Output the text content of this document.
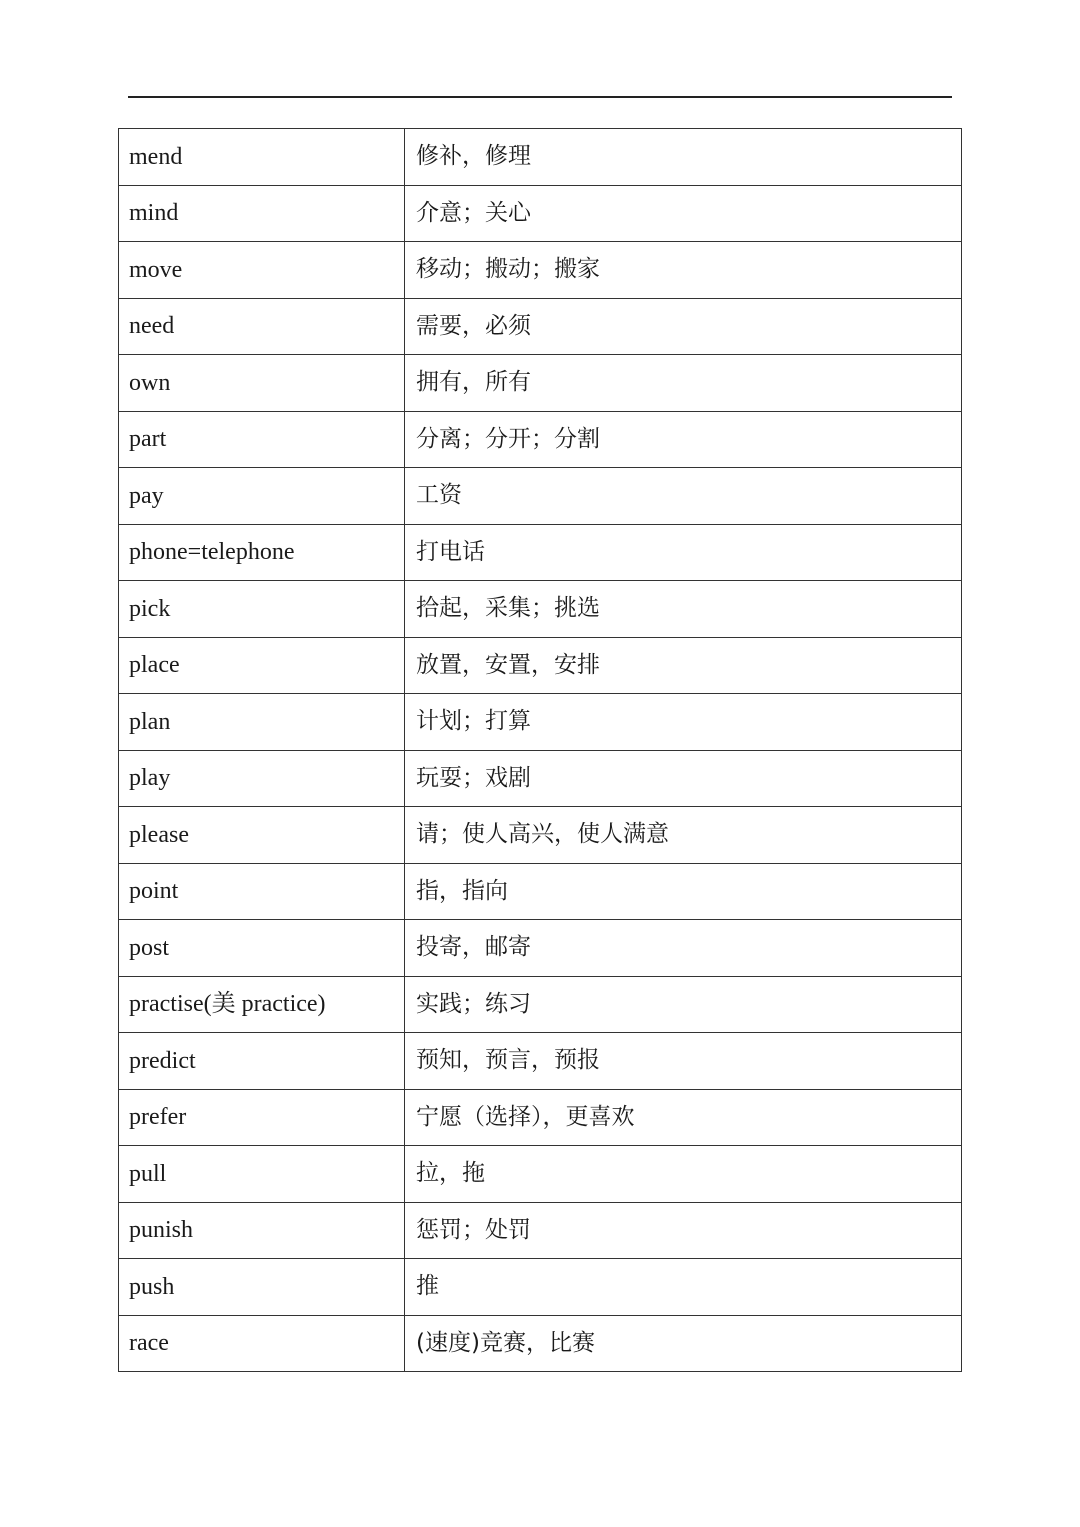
mend	修补，修理
mind	介意；关心
move	移动；搬动；搬家
need	需要，必须
own	拥有，所有
part	分离；分开；分割
pay	工资
phone=telephone	打电话
pick	拾起，采集；挑选
place	放置，安置，安排
plan	计划；打算
play	玩耍；戏剧
please	请；使人高兴，使人满意
point	指，指向
post	投寄，邮寄
practise(美 practice)	实践；练习
predict	预知，预言，预报
prefer	宁愿（选择），更喜欢
pull	拉，拖
punish	惩罚；处罚
push	推
race	(速度)竞赛，比赛
